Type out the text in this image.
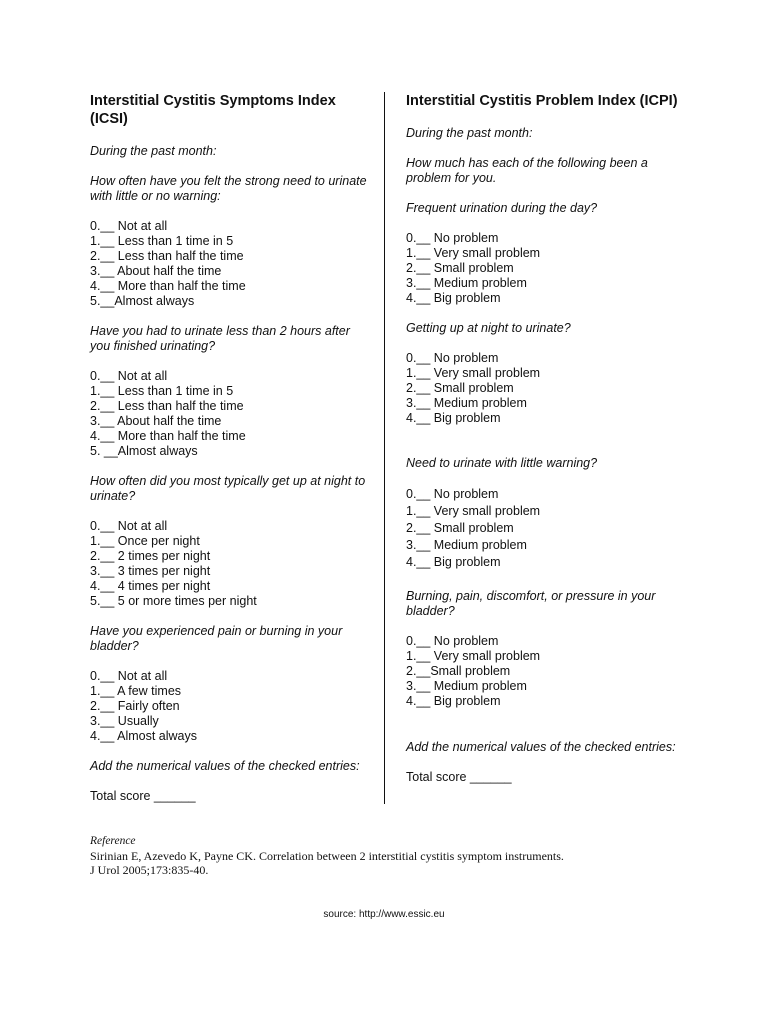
Interstitial Cystitis Symptoms Index (ICSI)
During the past month:
How often have you felt the strong need to urinate with little or no warning:
0.__ Not at all
1.__ Less than 1 time in 5
2.__ Less than half the time
3.__ About half the time
4.__ More than half the time
5.__Almost always
Have you had to urinate less than 2 hours after you finished urinating?
0.__ Not at all
1.__ Less than 1 time in 5
2.__ Less than half the time
3.__ About half the time
4.__ More than half the time
5. __Almost always
How often did you most typically get up at night to urinate?
0.__ Not at all
1.__ Once per night
2.__ 2 times per night
3.__ 3 times per night
4.__ 4 times per night
5.__ 5 or more times per night
Have you experienced pain or burning in your bladder?
0.__ Not at all
1.__ A few times
2.__ Fairly often
3.__ Usually
4.__ Almost always
Add the numerical values of the checked entries:
Total score ______
Interstitial Cystitis Problem Index (ICPI)
During the past month:
How much has each of the following been a problem for you.
Frequent urination during the day?
0.__ No problem
1.__ Very small problem
2.__ Small problem
3.__ Medium problem
4.__ Big problem
Getting up at night to urinate?
0.__ No problem
1.__ Very small problem
2.__ Small problem
3.__ Medium problem
4.__ Big problem
Need to urinate with little warning?
0.__ No problem
1.__ Very small problem
2.__ Small problem
3.__ Medium problem
4.__ Big problem
Burning, pain, discomfort, or pressure in your bladder?
0.__ No problem
1.__ Very small problem
2.__Small problem
3.__ Medium problem
4.__ Big problem
Add the numerical values of the checked entries:
Total score ______
Reference
Sirinian E, Azevedo K, Payne CK. Correlation between 2 interstitial cystitis symptom instruments.
J Urol 2005;173:835-40.
source: http://www.essic.eu
